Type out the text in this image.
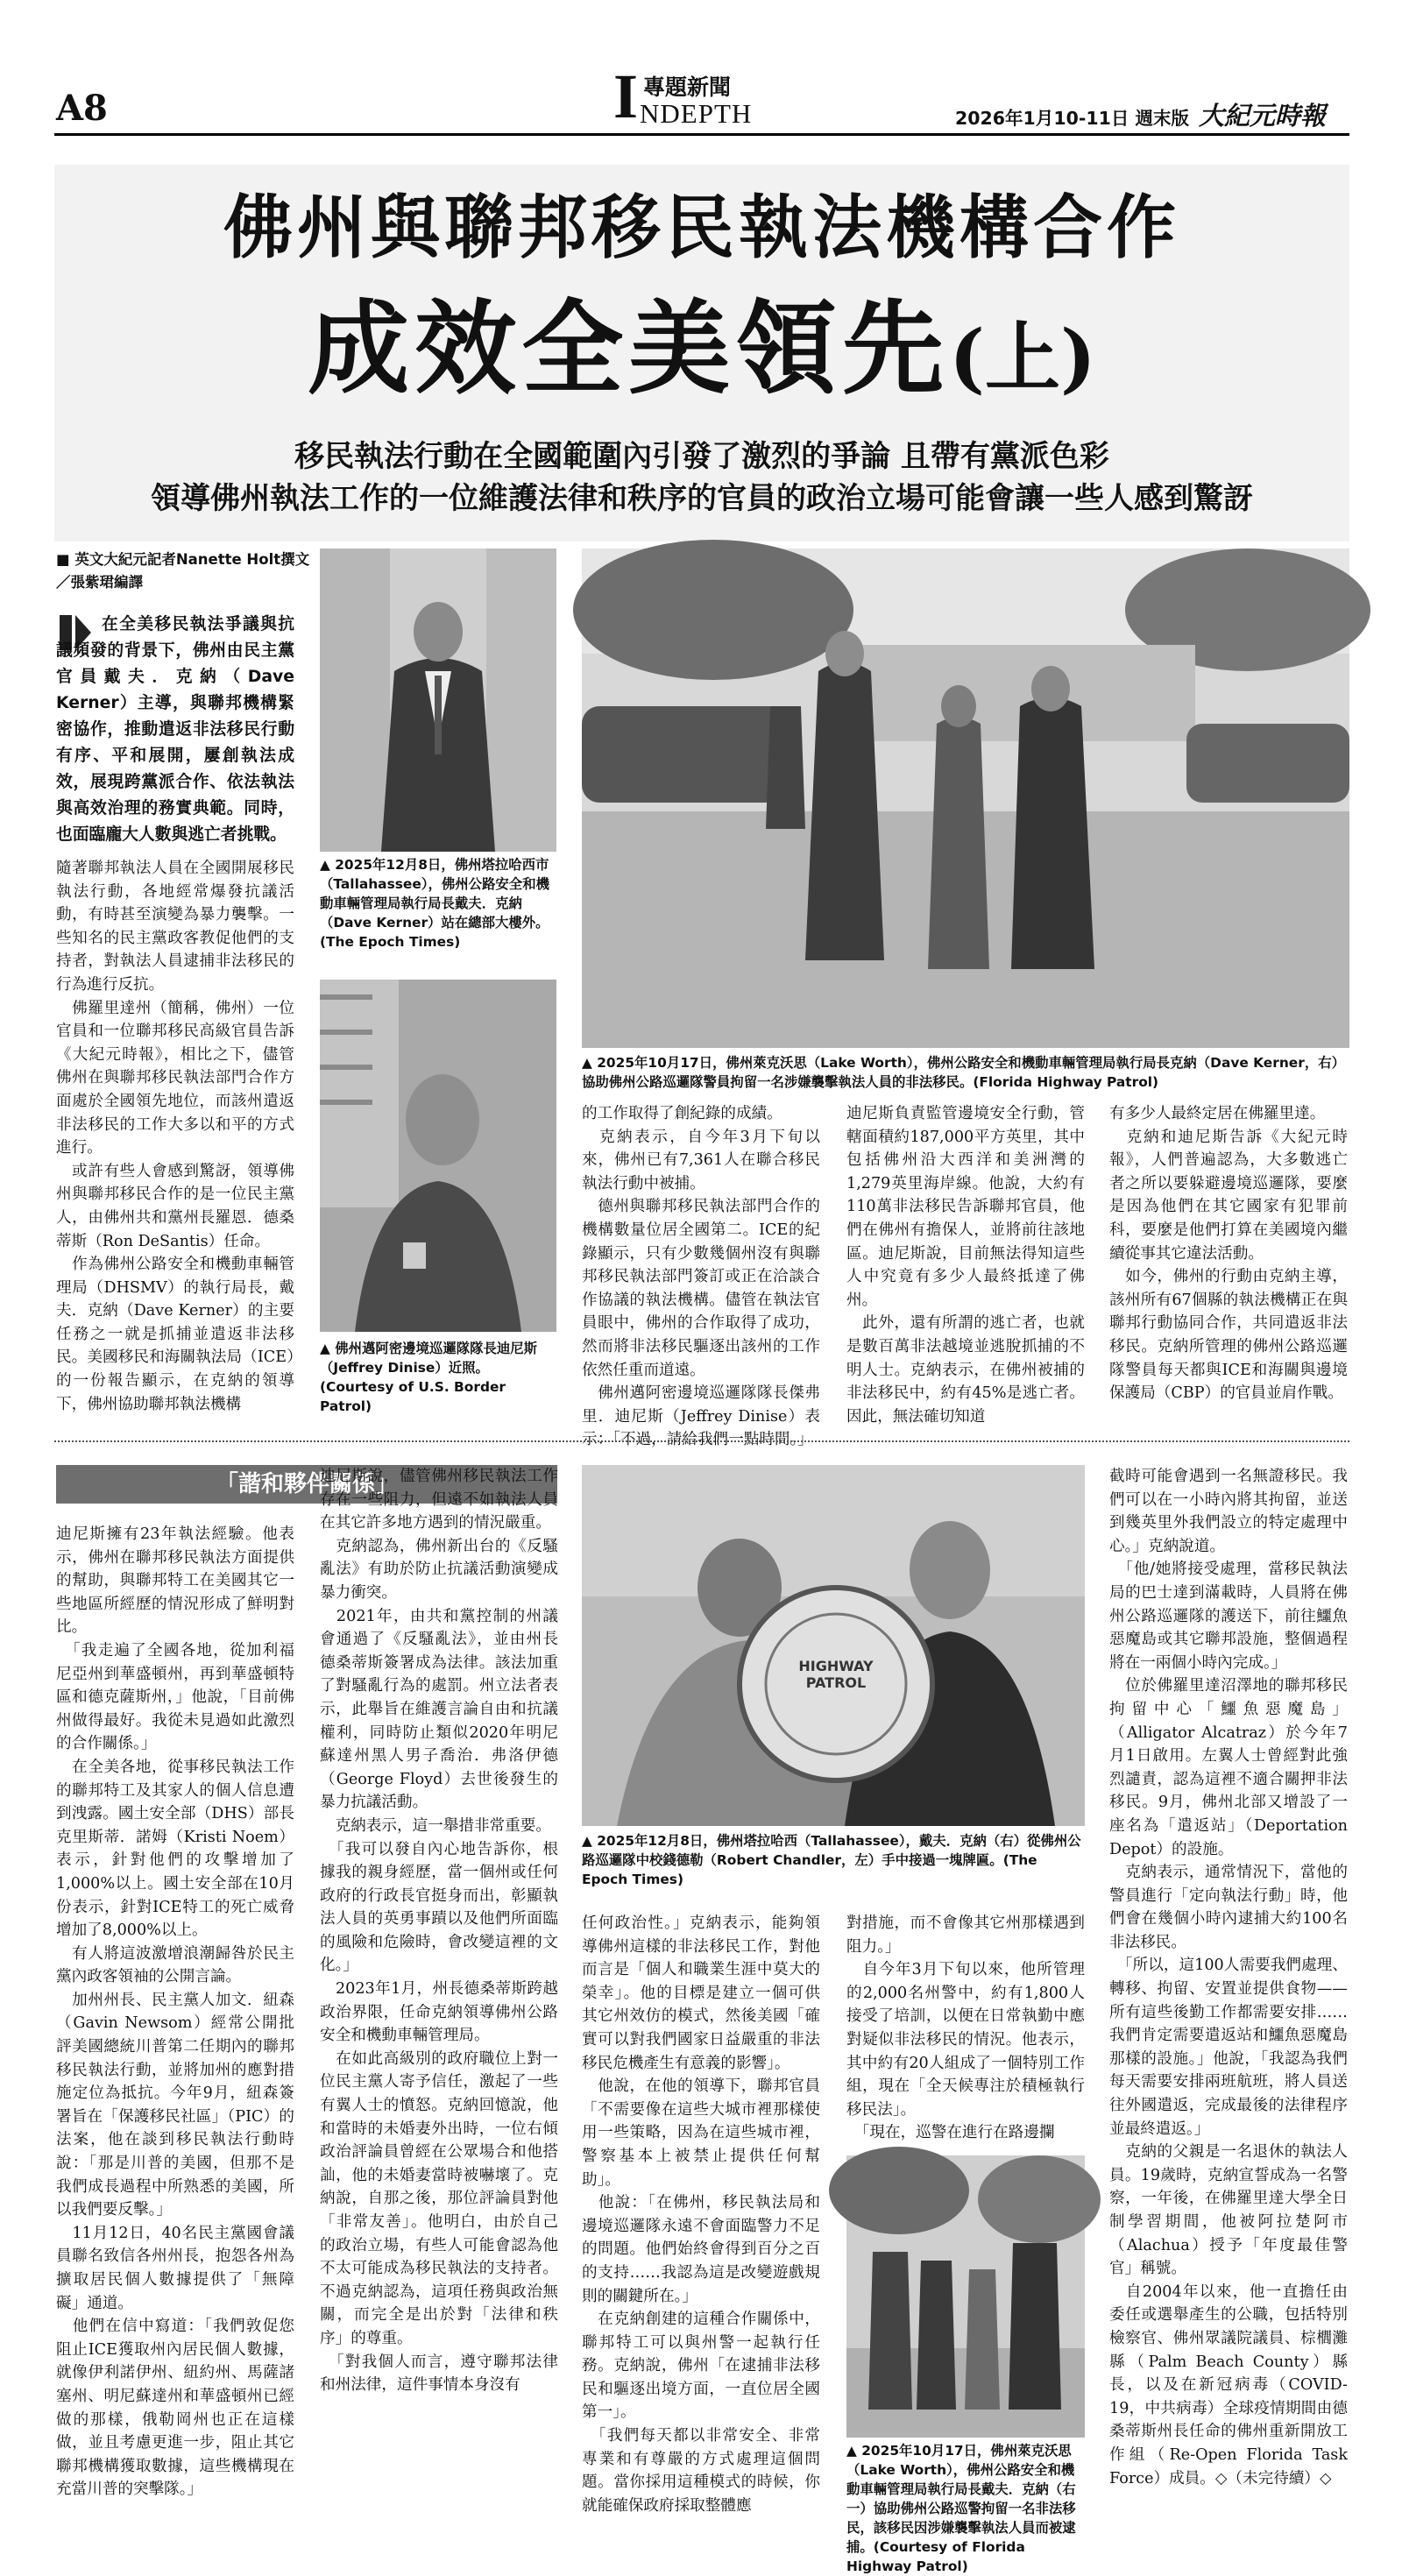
A8	I 專題新聞
NDEPTH	2026年1月10-11日 週末版 大紀元時報
佛州與聯邦移民執法機構合作
成效全美領先(上)
移民執法行動在全國範圍內引發了激烈的爭論 且帶有黨派色彩
領導佛州執法工作的一位維護法律和秩序的官員的政治立場可能會讓一些人感到驚訝
■ 英文大紀元記者Nanette Holt撰文／張紫珺編譯

在全美移民執法爭議與抗議頻發的背景下，佛州由民主黨官員戴夫．克納（Dave Kerner）主導，與聯邦機構緊密協作，推動遣返非法移民行動有序、平和展開，屢創執法成效，展現跨黨派合作、依法執法與高效治理的務實典範。同時，也面臨龐大人數與逃亡者挑戰。

隨著聯邦執法人員在全國開展移民執法行動，各地經常爆發抗議活動，有時甚至演變為暴力襲擊。一些知名的民主黨政客教促他們的支持者，對執法人員逮捕非法移民的行為進行反抗。
　佛羅里達州（簡稱，佛州）一位官員和一位聯邦移民高級官員告訴《大紀元時報》，相比之下，儘管佛州在與聯邦移民執法部門合作方面處於全國領先地位，而該州遣返非法移民的工作大多以和平的方式進行。
　或許有些人會感到驚訝，領導佛州與聯邦移民合作的是一位民主黨人，由佛州共和黨州長羅恩．德桑蒂斯（Ron DeSantis）任命。
　作為佛州公路安全和機動車輛管理局（DHSMV）的執行局長，戴夫．克納（Dave Kerner）的主要任務之一就是抓捕並遣返非法移民。美國移民和海關執法局（ICE）的一份報告顯示，在克納的領導下，佛州協助聯邦執法機構

▲ 2025年12月8日，佛州塔拉哈西市（Tallahassee），佛州公路安全和機動車輛管理局執行局長戴夫．克納（Dave Kerner）站在總部大樓外。(The Epoch Times)

▲ 佛州邁阿密邊境巡邏隊隊長迪尼斯（Jeffrey Dinise）近照。(Courtesy of U.S. Border Patrol)

▲ 2025年10月17日，佛州萊克沃思（Lake Worth），佛州公路安全和機動車輛管理局執行局長克納（Dave Kerner，右）協助佛州公路巡邏隊警員拘留一名涉嫌襲擊執法人員的非法移民。(Florida Highway Patrol)

的工作取得了創紀錄的成績。
　克納表示，自今年3月下旬以來，佛州已有7,361人在聯合移民執法行動中被捕。
　德州與聯邦移民執法部門合作的機構數量位居全國第二。ICE的紀錄顯示，只有少數幾個州沒有與聯邦移民執法部門簽訂或正在洽談合作協議的執法機構。儘管在執法官員眼中，佛州的合作取得了成功，然而將非法移民驅逐出該州的工作依然任重而道遠。
　佛州邁阿密邊境巡邏隊隊長傑弗里．迪尼斯（Jeffrey Dinise）表示：「不過，請給我們一點時間。」

迪尼斯負責監管邊境安全行動，管轄面積約187,000平方英里，其中包括佛州沿大西洋和美洲灣的1,279英里海岸線。他說，大約有110萬非法移民告訴聯邦官員，他們在佛州有擔保人，並將前往該地區。迪尼斯說，目前無法得知這些人中究竟有多少人最終抵達了佛州。
　此外，還有所謂的逃亡者，也就是數百萬非法越境並逃脫抓捕的不明人士。克納表示，在佛州被捕的非法移民中，約有45%是逃亡者。因此，無法確切知道

有多少人最終定居在佛羅里達。
　克納和迪尼斯告訴《大紀元時報》，人們普遍認為，大多數逃亡者之所以要躲避邊境巡邏隊，要麼是因為他們在其它國家有犯罪前科，要麼是他們打算在美國境內繼續從事其它違法活動。
　如今，佛州的行動由克納主導，該州所有67個縣的執法機構正在與聯邦行動協同合作，共同遣返非法移民。克納所管理的佛州公路巡邏隊警員每天都與ICE和海關與邊境保護局（CBP）的官員並肩作戰。

「諧和夥伴關係」

迪尼斯擁有23年執法經驗。他表示，佛州在聯邦移民執法方面提供的幫助，與聯邦特工在美國其它一些地區所經歷的情況形成了鮮明對比。
　「我走遍了全國各地，從加利福尼亞州到華盛頓州，再到華盛頓特區和德克薩斯州，」他說，「目前佛州做得最好。我從未見過如此激烈的合作關係。」
　在全美各地，從事移民執法工作的聯邦特工及其家人的個人信息遭到洩露。國土安全部（DHS）部長克里斯蒂．諾姆（Kristi Noem）表示，針對他們的攻擊增加了1,000%以上。國土安全部在10月份表示，針對ICE特工的死亡威脅增加了8,000%以上。
　有人將這波激增浪潮歸咎於民主黨內政客領袖的公開言論。
　加州州長、民主黨人加文．紐森（Gavin Newsom）經常公開批評美國總統川普第二任期內的聯邦移民執法行動，並將加州的應對措施定位為抵抗。今年9月，紐森簽署旨在「保護移民社區」（PIC）的法案，他在談到移民執法行動時說：「那是川普的美國，但那不是我們成長過程中所熟悉的美國，所以我們要反擊。」
　11月12日，40名民主黨國會議員聯名致信各州州長，抱怨各州為擴取居民個人數據提供了「無障礙」通道。
　他們在信中寫道：「我們敦促您阻止ICE獲取州內居民個人數據，就像伊利諾伊州、紐約州、馬薩諸塞州、明尼蘇達州和華盛頓州已經做的那樣，俄勒岡州也正在這樣做，並且考慮更進一步，阻止其它聯邦機構獲取數據，這些機構現在充當川普的突擊隊。」

迪尼斯說，儘管佛州移民執法工作存在一些阻力，但遠不如執法人員在其它許多地方遇到的情況嚴重。
　克納認為，佛州新出台的《反騷亂法》有助於防止抗議活動演變成暴力衝突。
　2021年，由共和黨控制的州議會通過了《反騷亂法》，並由州長德桑蒂斯簽署成為法律。該法加重了對騷亂行為的處罰。州立法者表示，此舉旨在維護言論自由和抗議權利，同時防止類似2020年明尼蘇達州黑人男子喬治．弗洛伊德（George Floyd）去世後發生的暴力抗議活動。
　克納表示，這一舉措非常重要。
　「我可以發自內心地告訴你，根據我的親身經歷，當一個州或任何政府的行政長官挺身而出，彰顯執法人員的英勇事蹟以及他們所面臨的風險和危險時，會改變這裡的文化。」
　2023年1月，州長德桑蒂斯跨越政治界限，任命克納領導佛州公路安全和機動車輛管理局。
　在如此高級別的政府職位上對一位民主黨人寄予信任，激起了一些有翼人士的憤怒。克納回憶說，他和當時的未婚妻外出時，一位右傾政治評論員曾經在公眾場合和他搭訕，他的未婚妻當時被嚇壞了。克納說，自那之後，那位評論員對他「非常友善」。他明白，由於自己的政治立場，有些人可能會認為他不太可能成為移民執法的支持者。不過克納認為，這項任務與政治無關，而完全是出於對「法律和秩序」的尊重。
　「對我個人而言，遵守聯邦法律和州法律，這件事情本身沒有

HIGHWAY PATROL

▲ 2025年12月8日，佛州塔拉哈西（Tallahassee），戴夫．克納（右）從佛州公路巡邏隊中校錢德勒（Robert Chandler，左）手中接過一塊牌匾。(The Epoch Times)

任何政治性。」克納表示，能夠領導佛州這樣的非法移民工作，對他而言是「個人和職業生涯中莫大的榮幸」。他的目標是建立一個可供其它州效仿的模式，然後美國「確實可以對我們國家日益嚴重的非法移民危機產生有意義的影響」。
　他說，在他的領導下，聯邦官員「不需要像在這些大城市裡那樣使用一些策略，因為在這些城市裡，警察基本上被禁止提供任何幫助」。
　他說：「在佛州，移民執法局和邊境巡邏隊永遠不會面臨警力不足的問題。他們始終會得到百分之百的支持……我認為這是改變遊戲規則的關鍵所在。」
　在克納創建的這種合作關係中，聯邦特工可以與州警一起執行任務。克納說，佛州「在逮捕非法移民和驅逐出境方面，一直位居全國第一」。
　「我們每天都以非常安全、非常專業和有尊嚴的方式處理這個問題。當你採用這種模式的時候，你就能確保政府採取整體應

對措施，而不會像其它州那樣遇到阻力。」
　自今年3月下旬以來，他所管理的2,000名州警中，約有1,800人接受了培訓，以便在日常執勤中應對疑似非法移民的情況。他表示，其中約有20人組成了一個特別工作組，現在「全天候專注於積極執行移民法」。
　「現在，巡警在進行在路邊攔

▲ 2025年10月17日，佛州萊克沃思（Lake Worth），佛州公路安全和機動車輛管理局執行局長戴夫．克納（右一）協助佛州公路巡警拘留一名非法移民，該移民因涉嫌襲擊執法人員而被逮捕。(Courtesy of Florida Highway Patrol)

截時可能會遇到一名無證移民。我們可以在一小時內將其拘留，並送到幾英里外我們設立的特定處理中心。」克納說道。
　「他/她將接受處理，當移民執法局的巴士達到滿載時，人員將在佛州公路巡邏隊的護送下，前往鱷魚惡魔島或其它聯邦設施，整個過程將在一兩個小時內完成。」
　位於佛羅里達沼澤地的聯邦移民拘留中心「鱷魚惡魔島」（Alligator Alcatraz）於今年7月1日啟用。左翼人士曾經對此強烈譴責，認為這裡不適合關押非法移民。9月，佛州北部又增設了一座名為「遣返站」（Deportation Depot）的設施。
　克納表示，通常情況下，當他的警員進行「定向執法行動」時，他們會在幾個小時內逮捕大約100名非法移民。
　「所以，這100人需要我們處理、轉移、拘留、安置並提供食物——所有這些後勤工作都需要安排……我們肯定需要遣返站和鱷魚惡魔島那樣的設施。」他說，「我認為我們每天需要安排兩班航班，將人員送往外國遣返，完成最後的法律程序並最終遣返。」
　克納的父親是一名退休的執法人員。19歲時，克納宣誓成為一名警察，一年後，在佛羅里達大學全日制學習期間，他被阿拉楚阿市（Alachua）授予「年度最佳警官」稱號。
　自2004年以來，他一直擔任由委任或選舉產生的公職，包括特別檢察官、佛州眾議院議員、棕櫚灘縣（Palm Beach County）縣長，以及在新冠病毒（COVID-19，中共病毒）全球疫情期間由德桑蒂斯州長任命的佛州重新開放工作組（Re-Open Florida Task Force）成員。◇（未完待續）◇
